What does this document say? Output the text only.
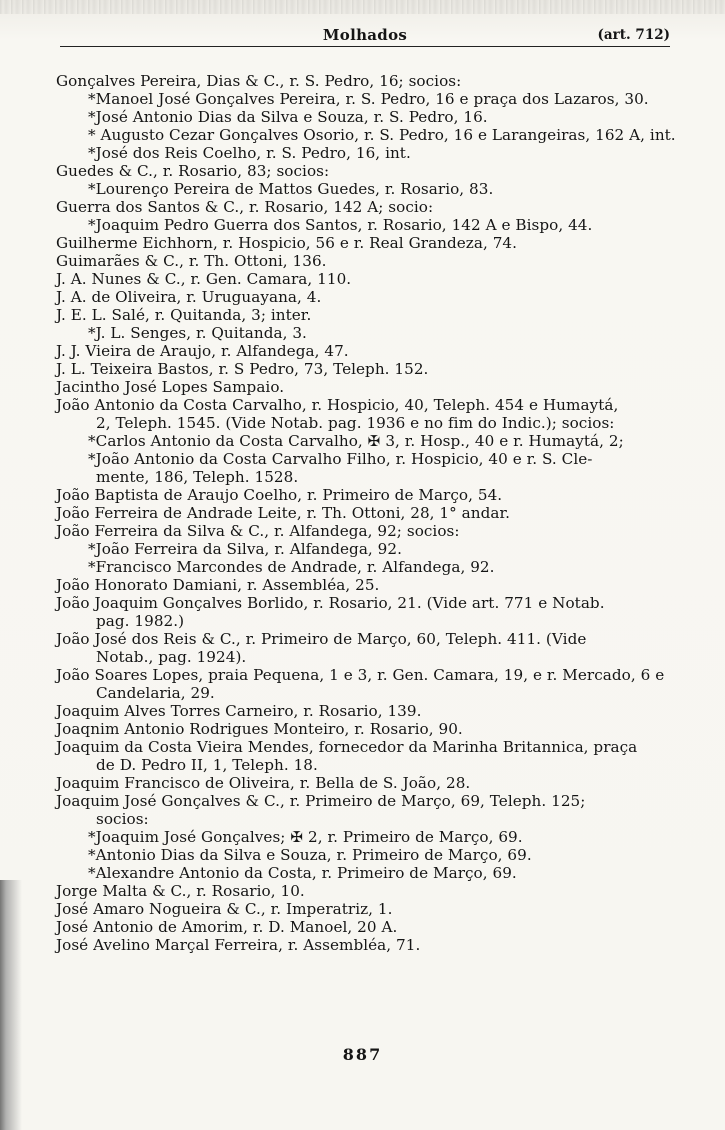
Molhados	(art. 712)
Gonçalves Pereira, Dias & C., r. S. Pedro, 16; socios:
*Manoel José Gonçalves Pereira, r. S. Pedro, 16 e praça dos Lazaros, 30.
*José Antonio Dias da Silva e Souza, r. S. Pedro, 16.
* Augusto Cezar Gonçalves Osorio, r. S. Pedro, 16 e Larangeiras, 162 A, int.
*José dos Reis Coelho, r. S. Pedro, 16, int.
Guedes & C., r. Rosario, 83; socios:
*Lourenço Pereira de Mattos Guedes, r. Rosario, 83.
Guerra dos Santos & C., r. Rosario, 142 A; socio:
*Joaquim Pedro Guerra dos Santos, r. Rosario, 142 A e Bispo, 44.
Guilherme Eichhorn, r. Hospicio, 56 e r. Real Grandeza, 74.
Guimarães & C., r. Th. Ottoni, 136.
J. A. Nunes & C., r. Gen. Camara, 110.
J. A. de Oliveira, r. Uruguayana, 4.
J. E. L. Salé, r. Quitanda, 3; inter.
*J. L. Senges, r. Quitanda, 3.
J. J. Vieira de Araujo, r. Alfandega, 47.
J. L. Teixeira Bastos, r. S Pedro, 73, Teleph. 152.
Jacintho José Lopes Sampaio.
João Antonio da Costa Carvalho, r. Hospicio, 40, Teleph. 454 e Humaytá,
2, Teleph. 1545. (Vide Notab. pag. 1936 e no fim do Indic.); socios:
*Carlos Antonio da Costa Carvalho, ✠ 3, r. Hosp., 40 e r. Humaytá, 2;
*João Antonio da Costa Carvalho Filho, r. Hospicio, 40 e r. S. Cle-
mente, 186, Teleph. 1528.
João Baptista de Araujo Coelho, r. Primeiro de Março, 54.
João Ferreira de Andrade Leite, r. Th. Ottoni, 28, 1° andar.
João Ferreira da Silva & C., r. Alfandega, 92; socios:
*João Ferreira da Silva, r. Alfandega, 92.
*Francisco Marcondes de Andrade, r. Alfandega, 92.
João Honorato Damiani, r. Assembléa, 25.
João Joaquim Gonçalves Borlido, r. Rosario, 21. (Vide art. 771 e Notab.
pag. 1982.)
João José dos Reis & C., r. Primeiro de Março, 60, Teleph. 411. (Vide
Notab., pag. 1924).
João Soares Lopes, praia Pequena, 1 e 3, r. Gen. Camara, 19, e r. Mercado, 6 e
Candelaria, 29.
Joaquim Alves Torres Carneiro, r. Rosario, 139.
Joaqnim Antonio Rodrigues Monteiro, r. Rosario, 90.
Joaquim da Costa Vieira Mendes, fornecedor da Marinha Britannica, praça
de D. Pedro II, 1, Teleph. 18.
Joaquim Francisco de Oliveira, r. Bella de S. João, 28.
Joaquim José Gonçalves & C., r. Primeiro de Março, 69, Teleph. 125;
socios:
*Joaquim José Gonçalves; ✠ 2, r. Primeiro de Março, 69.
*Antonio Dias da Silva e Souza, r. Primeiro de Março, 69.
*Alexandre Antonio da Costa, r. Primeiro de Março, 69.
Jorge Malta & C., r. Rosario, 10.
José Amaro Nogueira & C., r. Imperatriz, 1.
José Antonio de Amorim, r. D. Manoel, 20 A.
José Avelino Marçal Ferreira, r. Assembléa, 71.
887
